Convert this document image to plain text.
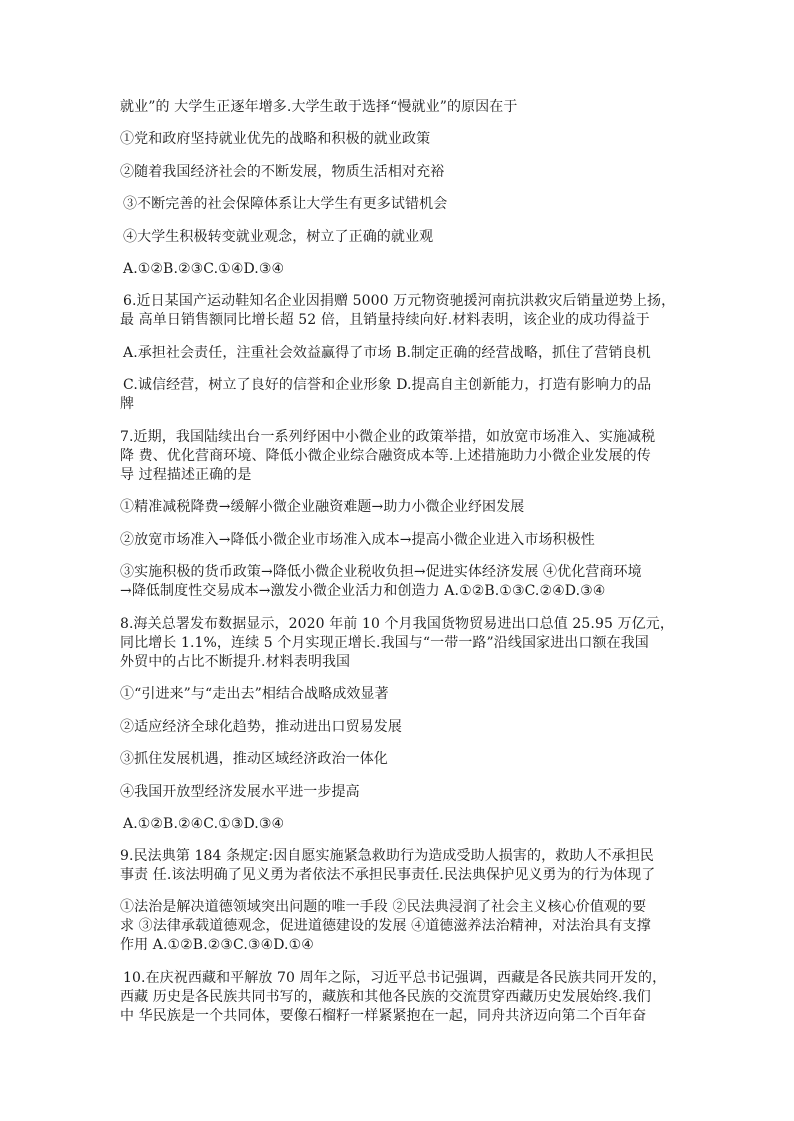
就业”的 大学生正逐年增多.大学生敢于选择“慢就业”的原因在于

①党和政府坚持就业优先的战略和积极的就业政策

②随着我国经济社会的不断发展，物质生活相对充裕

③不断完善的社会保障体系让大学生有更多试错机会

④大学生积极转变就业观念，树立了正确的就业观

A.①②B.②③C.①④D.③④

6.近日某国产运动鞋知名企业因捐赠 5000 万元物资驰援河南抗洪救灾后销量逆势上扬，

最 高单日销售额同比增长超 52 倍，且销量持续向好.材料表明，该企业的成功得益于

A.承担社会责任，注重社会效益赢得了市场 B.制定正确的经营战略，抓住了营销良机

C.诚信经营，树立了良好的信誉和企业形象 D.提高自主创新能力，打造有影响力的品

牌

7.近期，我国陆续出台一系列纾困中小微企业的政策举措，如放宽市场准入、实施减税

降 费、优化营商环境、降低小微企业综合融资成本等.上述措施助力小微企业发展的传

导 过程描述正确的是

①精准减税降费→缓解小微企业融资难题→助力小微企业纾困发展

②放宽市场准入→降低小微企业市场准入成本→提高小微企业进入市场积极性

③实施积极的货币政策→降低小微企业税收负担→促进实体经济发展 ④优化营商环境

→降低制度性交易成本→激发小微企业活力和创造力 A.①②B.①③C.②④D.③④

8.海关总署发布数据显示，2020 年前 10 个月我国货物贸易进出口总值 25.95 万亿元，

同比增长 1.1%，连续 5 个月实现正增长.我国与“一带一路”沿线国家进出口额在我国

外贸中的占比不断提升.材料表明我国

①“引进来”与“走出去”相结合战略成效显著

②适应经济全球化趋势，推动进出口贸易发展

③抓住发展机遇，推动区域经济政治一体化

④我国开放型经济发展水平进一步提高

A.①②B.②④C.①③D.③④

9.民法典第 184 条规定:因自愿实施紧急救助行为造成受助人损害的，救助人不承担民

事责 任.该法明确了见义勇为者依法不承担民事责任.民法典保护见义勇为的行为体现了

①法治是解决道德领域突出问题的唯一手段 ②民法典浸润了社会主义核心价值观的要

求 ③法律承载道德观念，促进道德建设的发展 ④道德滋养法治精神，对法治具有支撑

作用 A.①②B.②③C.③④D.①④

10.在庆祝西藏和平解放 70 周年之际，习近平总书记强调，西藏是各民族共同开发的，

西藏 历史是各民族共同书写的，藏族和其他各民族的交流贯穿西藏历史发展始终.我们

中 华民族是一个共同体，要像石榴籽一样紧紧抱在一起，同舟共济迈向第二个百年奋
